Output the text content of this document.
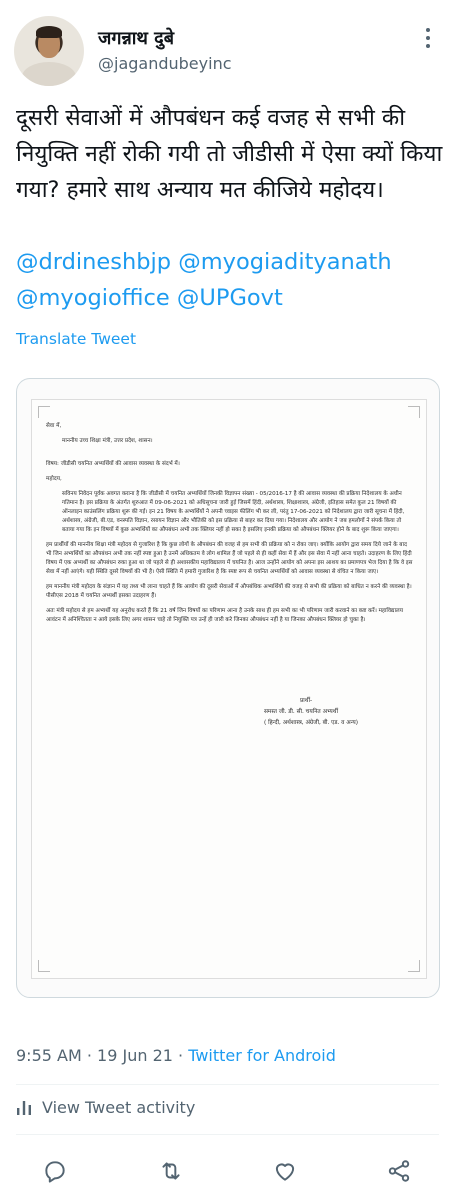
जगन्नाथ दुबे
@jagandubeyinc
दूसरी सेवाओं में औपबंधन कई वजह से सभी की नियुक्ति नहीं रोकी गयी तो जीडीसी में ऐसा क्यों किया गया? हमारे साथ अन्याय मत कीजिये महोदय।
@drdineshbjp @myogiadityanath
@myogioffice @UPGovt
Translate Tweet

सेवा में,

माननीय उच्च शिक्षा मंत्री, उत्तर प्रदेश, शासन।

विषय: जीडीसी चयनित अभ्यर्थियों की आवास व्यवस्था के संदर्भ में।

महोदय,

सविनय निवेदन पूर्वक अवगत कराना है कि जीडीसी में चयनित अभ्यर्थियों जिनकी विज्ञापन संख्या - 05/2016-17 है की आवास व्यवस्था की प्रक्रिया निदेशालय के अधीन गतिमान है। इस प्रक्रिया के अंतर्गत शुरुआत में 09-06-2021 को अधिसूचना जारी हुई जिसमें हिंदी, अर्थशास्त्र, शिक्षाशास्त्र, अंग्रेजी, इतिहास समेत कुल 21 विषयों की ऑनलाइन काउंसलिंग प्रक्रिया शुरू की गई। इन 21 विषय के अभ्यर्थियों ने अपनी च्वाइस फीलिंग भी कर ली, परंतु 17-06-2021 को निदेशालय द्वारा जारी सूचना में हिंदी, अर्थशास्त्र, अंग्रेजी, बी.एड, वनस्पति विज्ञान, रसायन विज्ञान और भौतिकी को इस प्रक्रिया से बाहर कर दिया गया। निदेशालय और आयोग ने जब हमलोगों ने संपर्क किया तो बताया गया कि इन विषयों में कुछ अभ्यर्थियों का औपबंधन अभी तक क्लियर नहीं हो सका है इसलिए इनकी प्रक्रिया को औपबंधन क्लियर होने के बाद शुरू किया जाएगा।

हम प्रार्थीयों की माननीय शिक्षा मंत्री महोदय से गुजारिश है कि कुछ लोगों के औपबंधन की वजह से हम सभी की प्रक्रिया को न रोका जाए। क्योंकि आयोग द्वारा समय दिये जाने के बाद भी जिन अभ्यर्थियों का औपबंधन अभी तक नहीं स्पष्ट हुआ है उनमें अधिकतम वे लोग शामिल हैं जो पहले से ही कहीं सेवा में हैं और इस सेवा में नहीं आना चाहते। उदाहरण के लिए हिंदी विषय में एक अभ्यर्थी का औपबंधन रुका हुआ था जो पहले से ही अशासकीय महाविद्यालय में चयनित है। आज उन्होंने आयोग को अपना इस आशय का प्रमाणपत्र भेज दिया है कि वे इस सेवा में नहीं आएंगे। यही स्थिति दूसरे विषयों की भी है। ऐसी स्थिति में हमारी गुजारिश है कि स्पष्ट रूप से चयनित अभ्यर्थियों को आवास व्यवस्था से वंचित न किया जाए।

हम माननीय मंत्री महोदय के संज्ञान में यह तथ्य भी लाना चाहते हैं कि आयोग की दूसरी सेवाओं में औपबंधिक अभ्यर्थियों की वजह से सभी की प्रक्रिया को बाधित न करने की व्यवस्था है। पीसीएस 2018 में चयनित अभ्यर्थी इसका उदाहरण हैं।

अतः मंत्री महोदय से हम अभ्यर्थी यह अनुरोध करते हैं कि 21 वर्ष जिन विषयों का परिणाम आना है उनके साथ ही हम सभी का भी परिणाम जारी करवाने का कष्ट करें। महाविद्यालय आवंटन में अनिश्चितता न आये इसके लिए अगर शासन चाहे तो नियुक्ति पत्र उन्हें ही जारी करे जिनका औपबंधन नहीं है या जिनका औपबंधन क्लियर हो चुका है।

प्रार्थी-
समस्त जी. डी. सी. चयनित अभ्यर्थी
( हिन्दी, अर्थशास्त्र, अंग्रेजी, बी. एड. व अन्य)
9:55 AM · 19 Jun 21 · Twitter for Android
View Tweet activity
